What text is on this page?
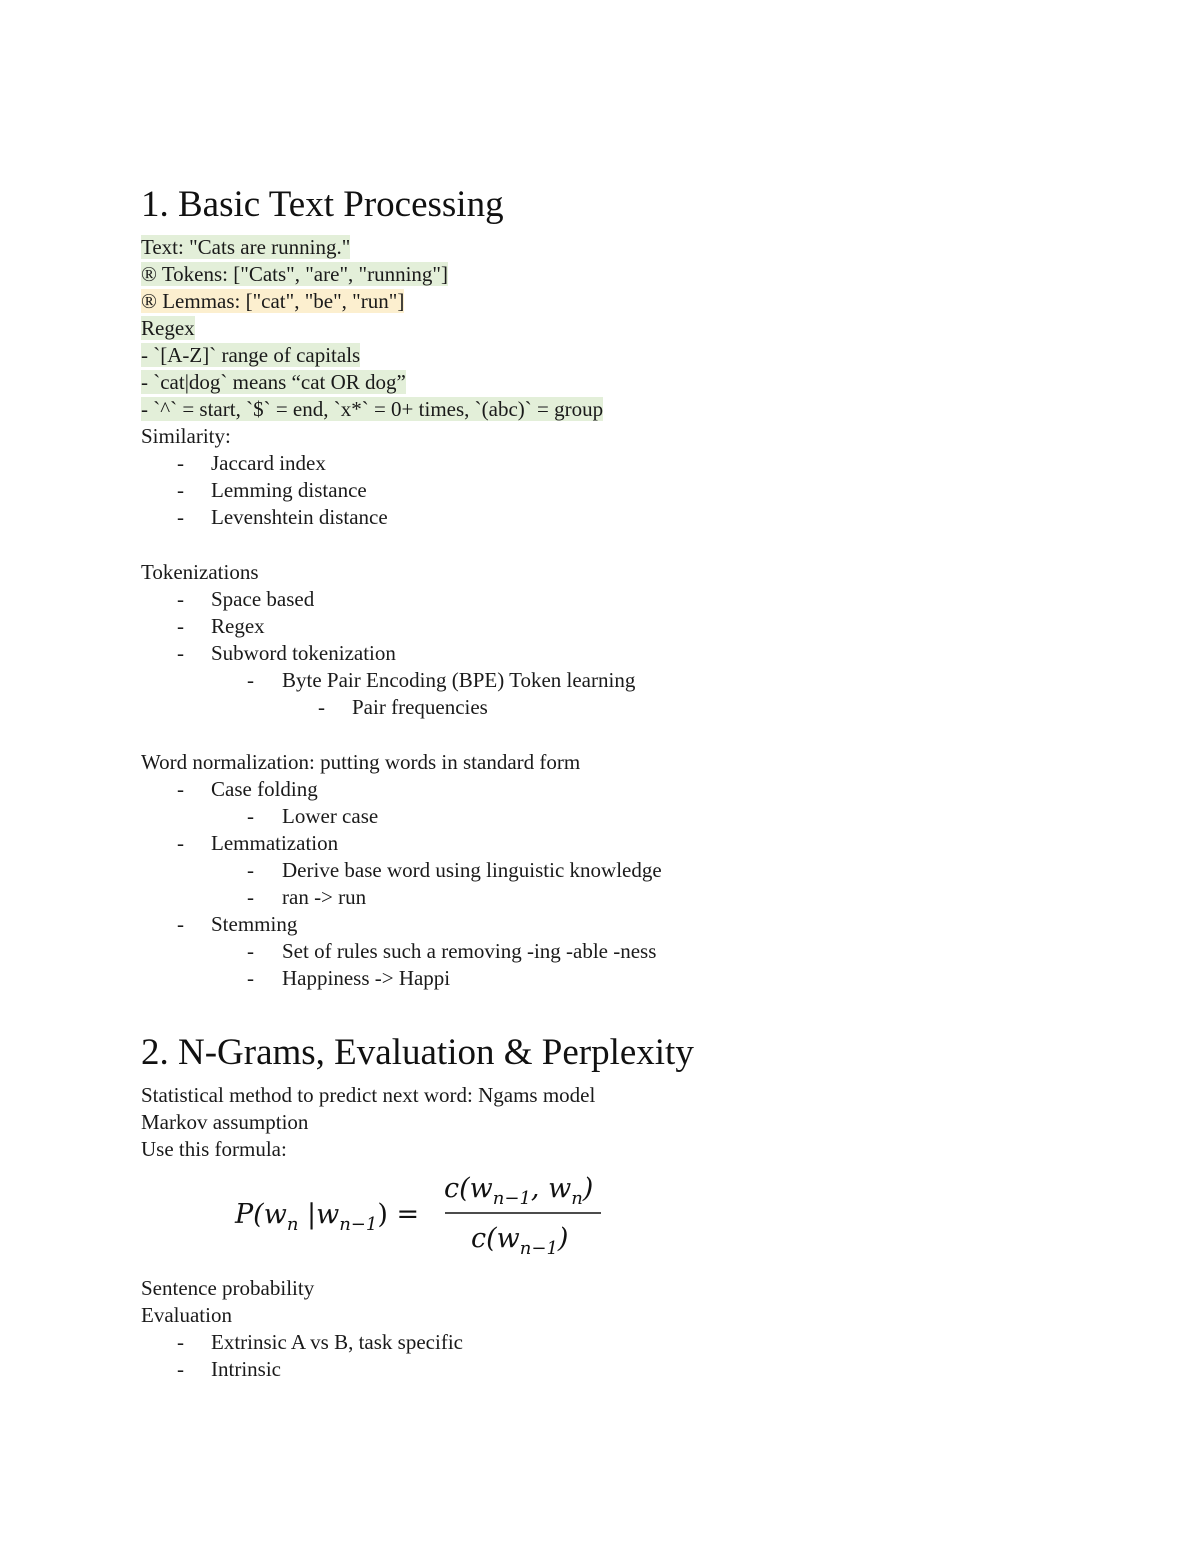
1. Basic Text Processing
Text: "Cats are running."
® Tokens: ["Cats", "are", "running"]
® Lemmas: ["cat", "be", "run"]
Regex
- `[A-Z]` range of capitals
- `cat|dog` means “cat OR dog”
- `^` = start, `$` = end, `x*` = 0+ times, `(abc)` = group
Similarity:
- Jaccard index
- Lemming distance
- Levenshtein distance
Tokenizations
- Space based
- Regex
- Subword tokenization
- Byte Pair Encoding (BPE) Token learning
- Pair frequencies
Word normalization: putting words in standard form
- Case folding
- Lower case
- Lemmatization
- Derive base word using linguistic knowledge
- ran -> run
- Stemming
- Set of rules such a removing -ing -able -ness
- Happiness -> Happi
2. N-Grams, Evaluation & Perplexity
Statistical method to predict next word: Ngams model
Markov assumption
Use this formula:
$P(w_n$ $|w_{n-1}$) =
$c(w_{n-1}$, $w_n$)
$c(w_{n-1})$
Sentence probability
Evaluation
- Extrinsic A vs B, task specific
- Intrinsic
